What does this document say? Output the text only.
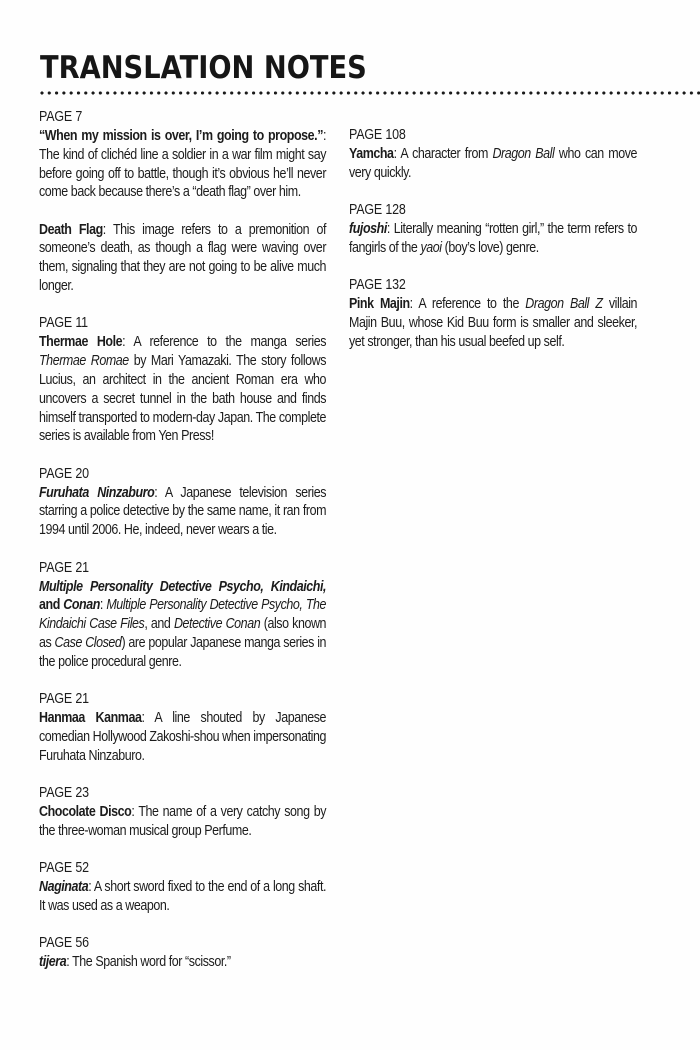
TRANSLATION NOTES
PAGE 7
“When my mission is over, I’m going to propose.”: The kind of clichéd line a soldier in a war film might say before going off to battle, though it’s obvious he’ll never come back because there’s a “death flag” over him.
Death Flag: This image refers to a premonition of someone’s death, as though a flag were waving over them, signaling that they are not going to be alive much longer.
PAGE 11
Thermae Hole: A reference to the manga series Thermae Romae by Mari Yamazaki. The story follows Lucius, an architect in the ancient Roman era who uncovers a secret tunnel in the bath house and finds himself transported to modern-day Japan. The complete series is available from Yen Press!
PAGE 20
Furuhata Ninzaburo: A Japanese television series starring a police detective by the same name, it ran from 1994 until 2006. He, indeed, never wears a tie.
PAGE 21
Multiple Personality Detective Psycho, Kindaichi, and Conan: Multiple Personality Detective Psycho, The Kindaichi Case Files, and Detective Conan (also known as Case Closed) are popular Japanese manga series in the police procedural genre.
PAGE 21
Hanmaa Kanmaa: A line shouted by Japanese comedian Hollywood Zakoshi-shou when impersonating Furuhata Ninzaburo.
PAGE 23
Chocolate Disco: The name of a very catchy song by the three-woman musical group Perfume.
PAGE 52
Naginata: A short sword fixed to the end of a long shaft. It was used as a weapon.
PAGE 56
tijera: The Spanish word for “scissor.”
PAGE 108
Yamcha: A character from Dragon Ball who can move very quickly.
PAGE 128
fujoshi: Literally meaning “rotten girl,” the term refers to fangirls of the yaoi (boy’s love) genre.
PAGE 132
Pink Majin: A reference to the Dragon Ball Z villain Majin Buu, whose Kid Buu form is smaller and sleeker, yet stronger, than his usual beefed up self.
